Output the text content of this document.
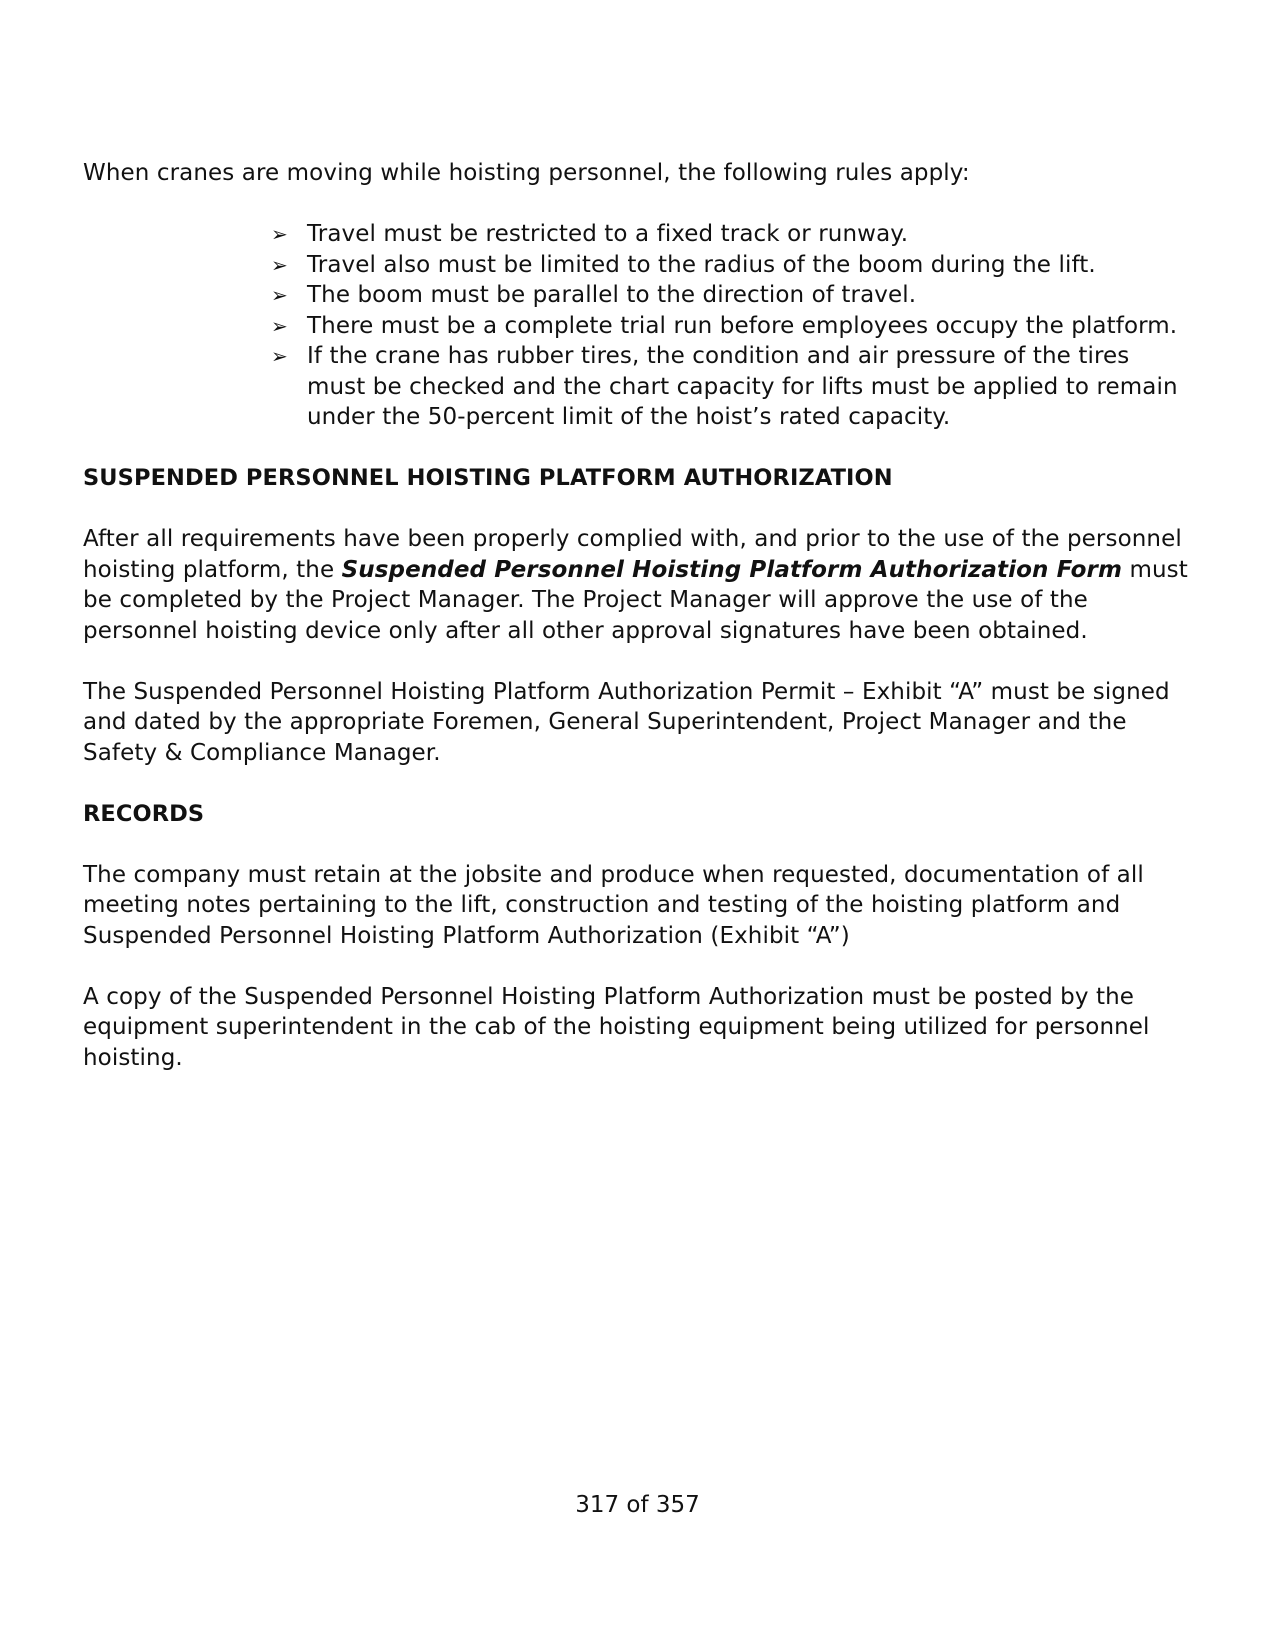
When cranes are moving while hoisting personnel, the following rules apply:

➢ Travel must be restricted to a fixed track or runway.
➢ Travel also must be limited to the radius of the boom during the lift.
➢ The boom must be parallel to the direction of travel.
➢ There must be a complete trial run before employees occupy the platform.
➢ If the crane has rubber tires, the condition and air pressure of the tires must be checked and the chart capacity for lifts must be applied to remain under the 50-percent limit of the hoist’s rated capacity.
SUSPENDED PERSONNEL HOISTING PLATFORM AUTHORIZATION

After all requirements have been properly complied with, and prior to the use of the personnel hoisting platform, the Suspended Personnel Hoisting Platform Authorization Form must be completed by the Project Manager. The Project Manager will approve the use of the personnel hoisting device only after all other approval signatures have been obtained.

The Suspended Personnel Hoisting Platform Authorization Permit – Exhibit “A” must be signed and dated by the appropriate Foremen, General Superintendent, Project Manager and the Safety & Compliance Manager.

RECORDS

The company must retain at the jobsite and produce when requested, documentation of all meeting notes pertaining to the lift, construction and testing of the hoisting platform and Suspended Personnel Hoisting Platform Authorization (Exhibit “A”)

A copy of the Suspended Personnel Hoisting Platform Authorization must be posted by the equipment superintendent in the cab of the hoisting equipment being utilized for personnel hoisting.

317 of 357
